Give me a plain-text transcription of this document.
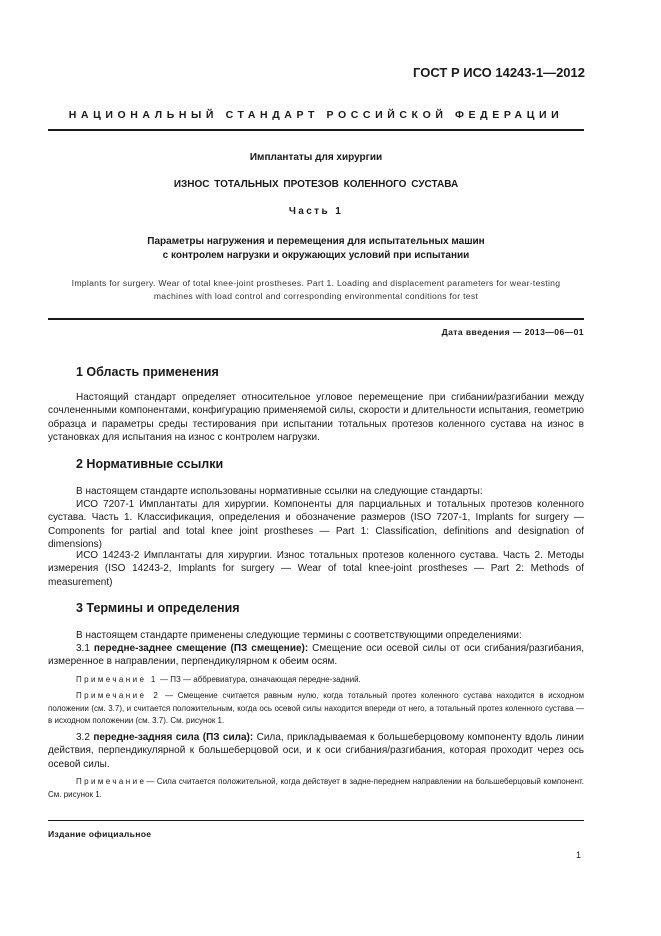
ГОСТ Р ИСО 14243-1—2012
НАЦИОНАЛЬНЫЙ СТАНДАРТ РОССИЙСКОЙ ФЕДЕРАЦИИ
Имплантаты для хирургии
ИЗНОС ТОТАЛЬНЫХ ПРОТЕЗОВ КОЛЕННОГО СУСТАВА
Часть 1
Параметры нагружения и перемещения для испытательных машин
с контролем нагрузки и окружающих условий при испытании
Implants for surgery. Wear of total knee-joint prostheses. Part 1. Loading and displacement parameters for wear-testing
machines with load control and corresponding environmental conditions for test
Дата введения — 2013—06—01
1 Область применения
Настоящий стандарт определяет относительное угловое перемещение при сгибании/разгибании между сочлененными компонентами, конфигурацию применяемой силы, скорости и длительности испытания, геометрию образца и параметры среды тестирования при испытании тотальных протезов коленного сустава на износ в установках для испытания на износ с контролем нагрузки.
2 Нормативные ссылки
В настоящем стандарте использованы нормативные ссылки на следующие стандарты:
ИСО 7207-1 Имплантаты для хирургии. Компоненты для парциальных и тотальных протезов коленного сустава. Часть 1. Классификация, определения и обозначение размеров (ISO 7207-1, Implants for surgery — Components for partial and total knee joint prostheses — Part 1: Classification, definitions and designation of dimensions)
ИСО 14243-2 Имплантаты для хирургии. Износ тотальных протезов коленного сустава. Часть 2. Методы измерения (ISO 14243-2, Implants for surgery — Wear of total knee-joint prostheses — Part 2: Methods of measurement)
3 Термины и определения
В настоящем стандарте применены следующие термины с соответствующими определениями:
3.1 передне-заднее смещение (ПЗ смещение): Смещение оси осевой силы от оси сгибания/разгибания, измеренное в направлении, перпендикулярном к обеим осям.
Примечание 1 — ПЗ — аббревиатура, означающая передне-задний.
Примечание 2 — Смещение считается равным нулю, когда тотальный протез коленного сустава находится в исходном положении (см. 3.7), и считается положительным, когда ось осевой силы находится впереди от него, а тотальный протез коленного сустава — в исходном положении (см. 3.7). См. рисунок 1.
3.2 передне-задняя сила (ПЗ сила): Сила, прикладываемая к большеберцовому компоненту вдоль линии действия, перпендикулярной к большеберцовой оси, и к оси сгибания/разгибания, которая проходит через ось осевой силы.
Примечание— Сила считается положительной, когда действует в задне-переднем направлении на большеберцовый компонент. См. рисунок 1.
Издание официальное
1
